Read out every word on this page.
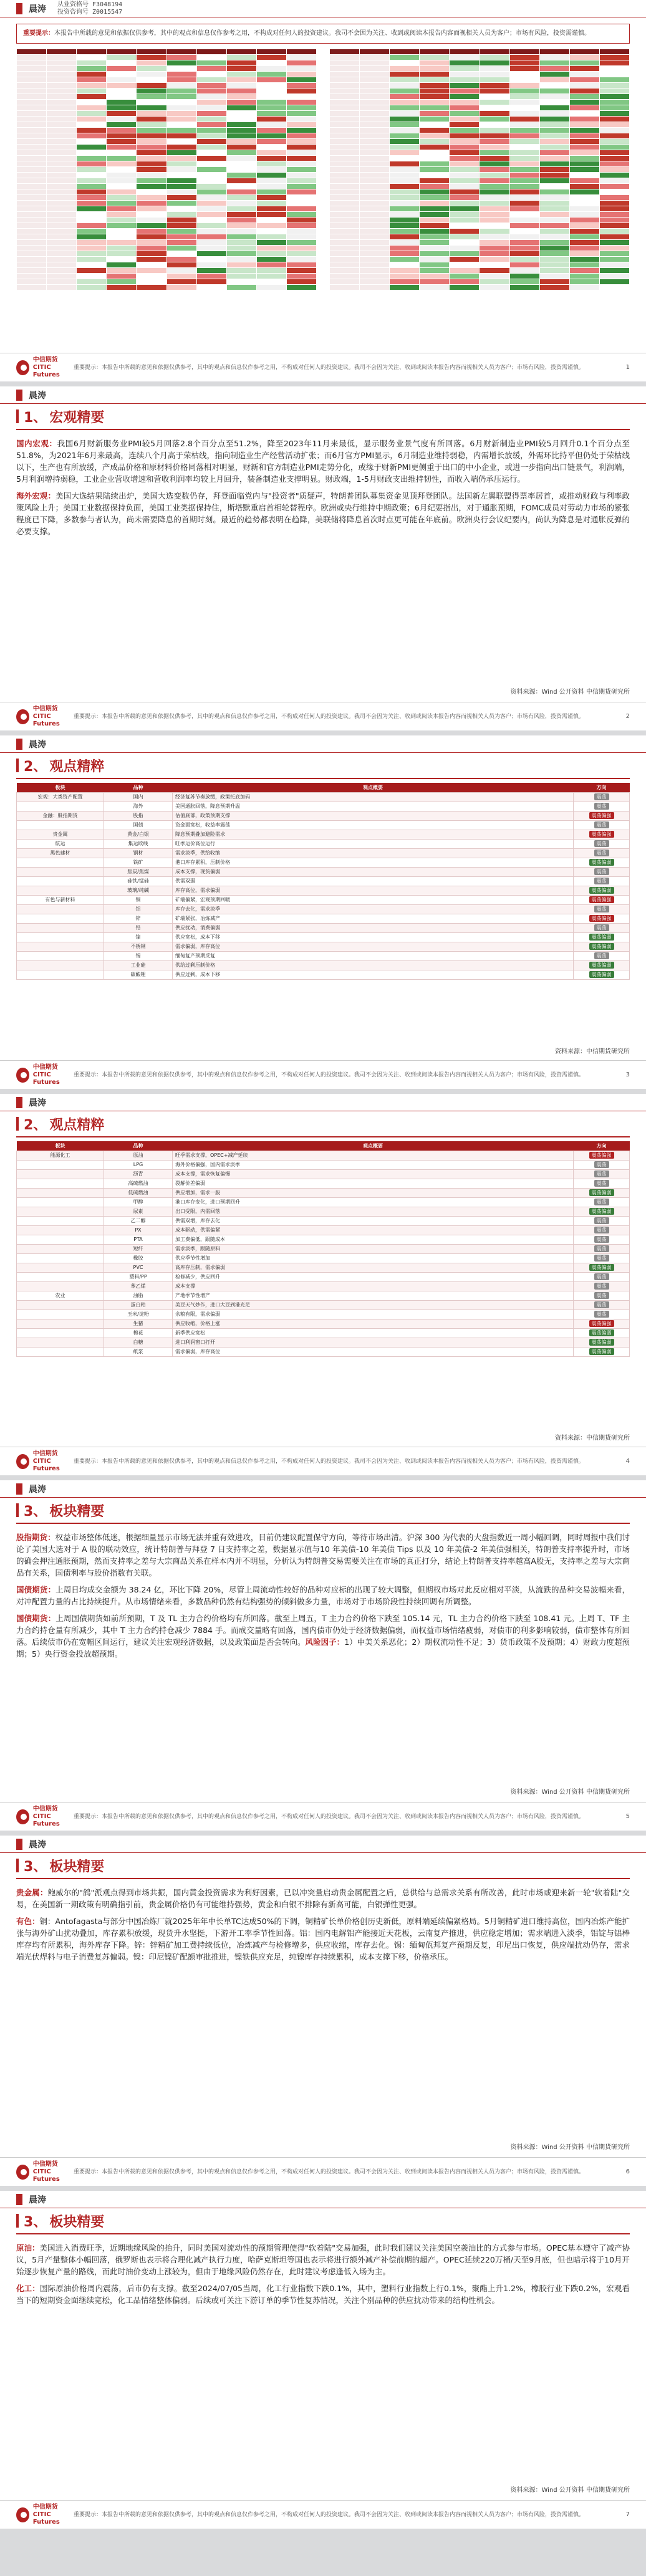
晨涛 从业资格号 F3048194
投资咨询号 Z0015547
重要提示：本报告中所载的意见和依据仅供参考，其中的观点和信息仅作参考之用，不构成对任何人的投资建议。我司不会因为关注、收到或阅读本报告内容而视相关人员为客户；市场有风险，投资需谨慎。

中信期货
CITIC Futures
重要提示：本报告中所载的意见和依据仅供参考，其中的观点和信息仅作参考之用，不构成对任何人的投资建议。我司不会因为关注、收到或阅读本报告内容而视相关人员为客户；市场有风险，投资需谨慎。	1
晨涛
1、 宏观精要

国内宏观：我国6月财新服务业PMI较5月回落2.8个百分点至51.2%，降至2023年11月来最低，显示服务业景气度有所回落。6月财新制造业PMI较5月回升0.1个百分点至51.8%，为2021年6月来最高，连续八个月高于荣枯线，指向制造业生产经营活动扩张；而6月官方PMI显示，6月制造业维持弱稳，内需增长放缓，外需环比持平但仍处于荣枯线以下，生产也有所放缓，产成品价格和原材料价格同落相对明显，财新和官方制造业PMI走势分化，或缘于财新PMI更侧重于出口的中小企业，或进一步指向出口链景气，利润端，5月利润增持弱稳，工业企业营收增速和营收利润率均较上月回升，装备制造业支撑明显。财政端，1-5月财政支出维持韧性，而收入端仍承压运行。

海外宏观：美国大选结果陆续出炉，美国大选变数仍存，拜登面临党内与"投资者"质疑声，特朗普团队募集资金见顶拜登团队。法国新左翼联盟得票率居首，或推动财政与利率政策风险上升；美国工业数据保持负面，美国工业类据保持住，斯塔默重启首相轮替程序。欧洲或央行维持中期政策；6月纪要指出，对于通胀预期，FOMC成员对劳动力市场的紧张程度已下降，多数参与者认为，尚未需要降息的首期时刻。最近的趋势都表明在趋降，美联储将降息首次时点更可能在年底前。欧洲央行会议纪要内，尚认为降息是对通胀反弹的必要支撑。

资料来源：Wind 公开资料 中信期货研究所
中信期货
CITIC Futures
重要提示：本报告中所载的意见和依据仅供参考，其中的观点和信息仅作参考之用，不构成对任何人的投资建议。我司不会因为关注、收到或阅读本报告内容而视相关人员为客户；市场有风险，投资需谨慎。	2
晨涛
2、 观点精粹
板块	品种	观点概要	方向
宏观：大类资产配置	国内	经济复苏节奏放缓，政策托底加码	震荡
	海外	美国通胀回落，降息预期升温	震荡
金融：股指期货	股指	估值底部，政策预期支撑	震荡偏强
	国债	资金面宽松，收益率震荡	震荡
贵金属	黄金/白银	降息预期叠加避险需求	震荡偏强
航运	集运欧线	旺季运价高位运行	震荡
黑色建材	钢材	需求淡季，供给收缩	震荡
	铁矿	港口库存累积，压制价格	震荡偏弱
	焦炭/焦煤	成本支撑，现货偏弱	震荡
	硅铁/锰硅	供需双弱	震荡
	玻璃/纯碱	库存高位，需求偏弱	震荡偏弱
有色与新材料	铜	矿端偏紧，宏观预期回暖	震荡偏强
	铝	库存去化，需求淡季	震荡
	锌	矿端紧张，冶炼减产	震荡偏强
	铅	供应扰动，消费偏弱	震荡
	镍	供应宽松，成本下移	震荡偏弱
	不锈钢	需求偏弱，库存高位	震荡偏弱
	锡	缅甸复产预期反复	震荡
	工业硅	供给过剩压制价格	震荡偏弱
	碳酸锂	供应过剩，成本下移	震荡偏弱
资料来源：中信期货研究所
中信期货
CITIC Futures
重要提示：本报告中所载的意见和依据仅供参考，其中的观点和信息仅作参考之用，不构成对任何人的投资建议。我司不会因为关注、收到或阅读本报告内容而视相关人员为客户；市场有风险，投资需谨慎。	3
晨涛
2、 观点精粹
板块	品种	观点概要	方向
能源化工	原油	旺季需求支撑，OPEC+减产延续	震荡偏强
	LPG	海外价格偏强，国内需求淡季	震荡
	沥青	成本支撑，需求恢复偏慢	震荡
	高硫燃油	裂解价差偏弱	震荡
	低硫燃油	供应增加，需求一般	震荡偏弱
	甲醇	港口库存变化，进口预期回升	震荡
	尿素	出口受限，内需回落	震荡偏弱
	乙二醇	供需双增，库存去化	震荡
	PX	成本驱动，供需偏紧	震荡
	PTA	加工费偏低，跟随成本	震荡
	短纤	需求淡季，跟随原料	震荡
	橡胶	供应季节性增加	震荡
	PVC	高库存压制，需求偏弱	震荡偏弱
	塑料/PP	检修减少，供应回升	震荡
	苯乙烯	成本支撑	震荡
农业	油脂	产地季节性增产	震荡
	蛋白粕	美豆天气炒作，进口大豆到港充足	震荡
	玉米/淀粉	余粮有限，需求偏弱	震荡
	生猪	供应收缩，价格上涨	震荡偏强
	棉花	新季供应宽松	震荡偏弱
	白糖	进口利润窗口打开	震荡偏弱
	纸浆	需求偏弱，库存高位	震荡偏弱
资料来源：中信期货研究所
中信期货
CITIC Futures
重要提示：本报告中所载的意见和依据仅供参考，其中的观点和信息仅作参考之用，不构成对任何人的投资建议。我司不会因为关注、收到或阅读本报告内容而视相关人员为客户；市场有风险，投资需谨慎。	4
晨涛
3、 板块精要

股指期货：权益市场整体低迷，根据细量显示市场无法并重有效进攻，目前仍建议配置保守方向，等待市场出清。沪深 300 为代表的大盘指数近一周小幅回调，同时周报中我们讨论了美国大选对于 A 股的联动效应，统计特朗普与拜登 7 日支持率之差，数据显示值与10 年美债-10 年美债 Tips 以及 10 年美债-2 年美债强相关，特朗普支持率提升时，市场的确会押注通胀预期，然而支持率之差与大宗商品关系在样本内并不明显，分析认为特朗普交易需要关注在市场的真正打分，结论上特朗普支持率越高A股无，支持率之差与大宗商品有关系，国债利率与股价指数有关联。

国债期货：上周日均成交金额为 38.24 亿，环比下降 20%，尽管上周流动性较好的品种对应标的出现了较大调整，但期权市场对此反应相对平淡，从流跌的品种交易波幅来看，对冲配置力量的占比持续提升。从市场情绪来看，多数品种仍然有结构强势的倾斜做多力量，市场对于市场阶段性持续回调有所调整。

国债期货：上周国债期货如前所预期，T 及 TL 主力合约价格均有所回落。截至上周五，T 主力合约价格下跌至 105.14 元，TL 主力合约价格下跌至 108.41 元。上周 T、TF 主力合约持仓量有所减少，其中 T 主力合约持仓减少 7884 手。而成交量略有回落，国内债市仍处于经济数据偏弱，而权益市场情绪疲弱，对债市的利多影响较弱，债市整体有所回落。后续债市仍在宽幅区间运行，建议关注宏观经济数据，以及政策面是否会转向。风险因子：1）中美关系恶化；2）期权流动性不足；3）货币政策不及预期；4）财政力度超预期；5）央行资金投放超预期。

资料来源：Wind 公开资料 中信期货研究所
中信期货
CITIC Futures
重要提示：本报告中所载的意见和依据仅供参考，其中的观点和信息仅作参考之用，不构成对任何人的投资建议。我司不会因为关注、收到或阅读本报告内容而视相关人员为客户；市场有风险，投资需谨慎。	5
晨涛
3、 板块精要

贵金属：鲍威尔的"鸽"派观点得到市场共振，国内黄金投资需求为利好因素，已以冲突量启动贵金属配置之后，总供给与总需求关系有所改善，此时市场或迎来新一轮"软着陆"交易，在美国新一期政策有明确指引前，贵金属价格仍有可能维持强势，黄金和白银不排除有新高可能，白银弹性更强。

有色：铜：Antofagasta与部分中国冶炼厂就2025年年中长单TC达成50%的下调，铜精矿长单价格创历史新低，原料端延续偏紧格局。5月铜精矿进口维持高位，国内冶炼产能扩张与海外矿山扰动叠加，库存累积放缓，现货升水坚挺，下游开工率季节性回落。铝：国内电解铝产能接近天花板，云南复产推进，供应稳定增加；需求端进入淡季，铝锭与铝棒库存均有所累积，海外库存下降。锌：锌精矿加工费持续低位，冶炼减产与检修增多，供应收缩，库存去化。锡：缅甸佤邦复产预期反复，印尼出口恢复，供应端扰动仍存，需求端光伏焊料与电子消费复苏偏弱。镍：印尼镍矿配额审批推进，镍铁供应充足，纯镍库存持续累积，成本支撑下移，价格承压。

资料来源：Wind 公开资料 中信期货研究所
中信期货
CITIC Futures
重要提示：本报告中所载的意见和依据仅供参考，其中的观点和信息仅作参考之用，不构成对任何人的投资建议。我司不会因为关注、收到或阅读本报告内容而视相关人员为客户；市场有风险，投资需谨慎。	6
晨涛
3、 板块精要

原油：美国进入消费旺季，近期地缘风险的抬升，同时美国对流动性的预期管理使得"软着陆"交易加强，此时我们建议关注美国空袭油比的方式参与市场。OPEC基本遵守了减产协议，5月产量整体小幅回落，俄罗斯也表示将合理化减产执行力度，哈萨克斯坦等国也表示将进行额外减产补偿前期的超产。OPEC延续220万桶/天至9月底，但也暗示将于10月开始逐步恢复产量的路线，而此时油价变动上涨较为，但由于地缘风险仍然存在，此时建议考虑逢低入场为主。

化工：国际原油价格周内震荡，后市仍有支撑。截至2024/07/05当周，化工行业指数下跌0.1%，其中，塑料行业指数上行0.1%，聚酯上升1.2%，橡胶行业下跌0.2%，宏观看当下的短期资金面继续宽松，化工品情绪整体偏弱。后续或可关注下游订单的季节性复苏情况，关注个别品种的供应扰动带来的结构性机会。

资料来源：Wind 公开资料 中信期货研究所
中信期货
CITIC Futures
重要提示：本报告中所载的意见和依据仅供参考，其中的观点和信息仅作参考之用，不构成对任何人的投资建议。我司不会因为关注、收到或阅读本报告内容而视相关人员为客户；市场有风险，投资需谨慎。	7
